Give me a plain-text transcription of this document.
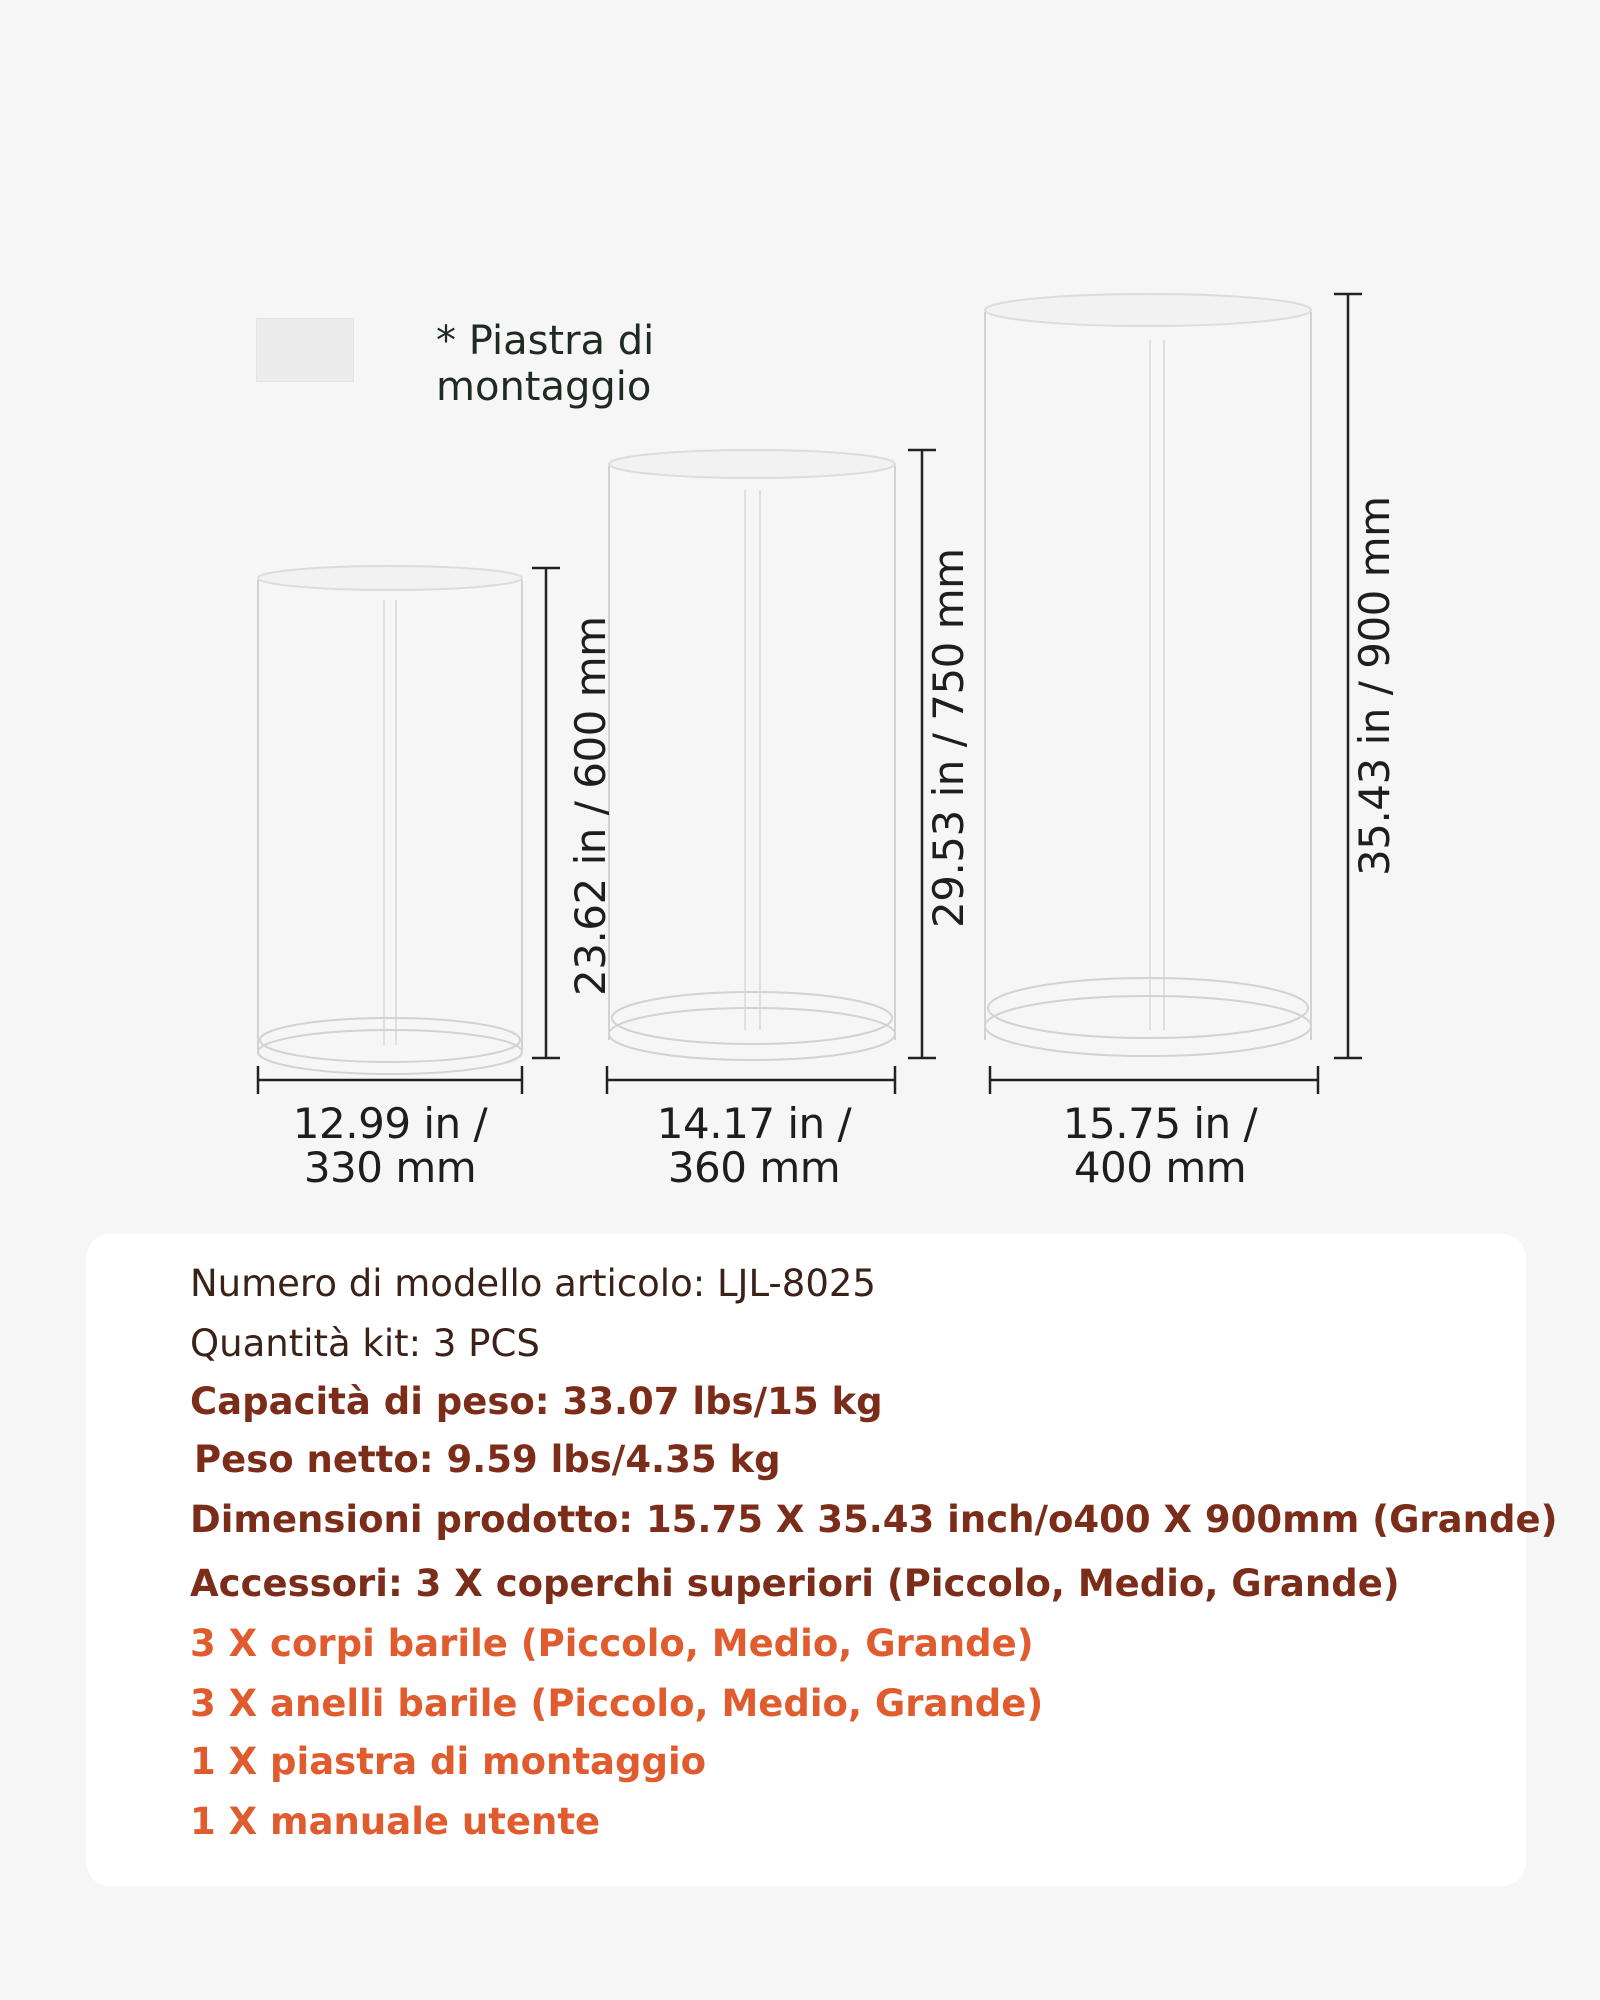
* Piastra di montaggio
23.62 in / 600 mm	29.53 in / 750 mm	35.43 in / 900 mm
12.99 in /
330 mm
14.17 in /
360 mm
15.75 in /
400 mm
Numero di modello articolo: LJL-8025
Quantità kit: 3 PCS
Capacità di peso: 33.07 lbs/15 kg
Peso netto: 9.59 lbs/4.35 kg
Dimensioni prodotto: 15.75 X 35.43 inch/o400 X 900mm (Grande)
Accessori: 3 X coperchi superiori (Piccolo, Medio, Grande)
3 X corpi barile (Piccolo, Medio, Grande)
3 X anelli barile (Piccolo, Medio, Grande)
1 X piastra di montaggio
1 X manuale utente
